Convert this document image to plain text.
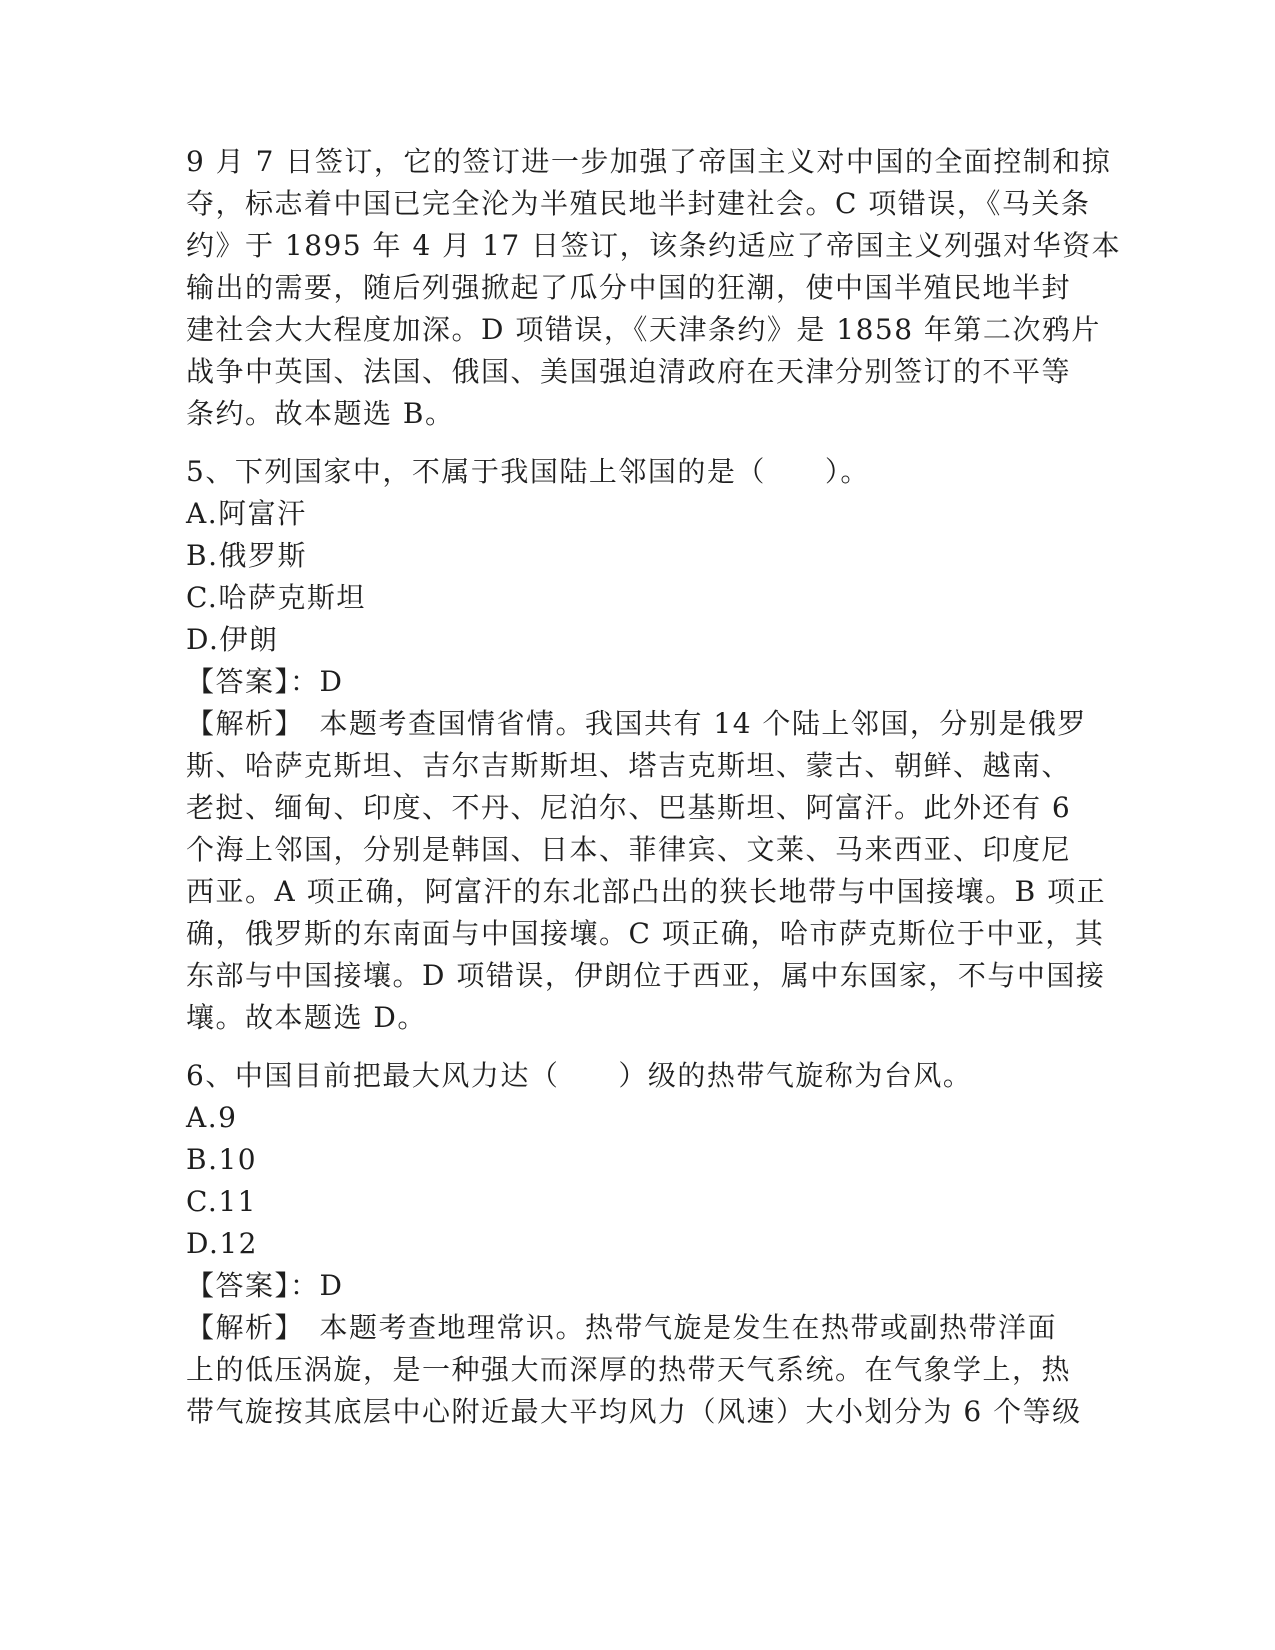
9 月 7 日签订，它的签订进一步加强了帝国主义对中国的全面控制和掠
夺，标志着中国已完全沦为半殖民地半封建社会。C 项错误，《马关条
约》于 1895 年 4 月 17 日签订，该条约适应了帝国主义列强对华资本
输出的需要，随后列强掀起了瓜分中国的狂潮，使中国半殖民地半封
建社会大大程度加深。D 项错误，《天津条约》是 1858 年第二次鸦片
战争中英国、法国、俄国、美国强迫清政府在天津分别签订的不平等
条约。故本题选 B。
5、下列国家中，不属于我国陆上邻国的是（　　）。
A.阿富汗
B.俄罗斯
C.哈萨克斯坦
D.伊朗
【答案】：D
【解析】　本题考查国情省情。我国共有 14 个陆上邻国，分别是俄罗
斯、哈萨克斯坦、吉尔吉斯斯坦、塔吉克斯坦、蒙古、朝鲜、越南、
老挝、缅甸、印度、不丹、尼泊尔、巴基斯坦、阿富汗。此外还有 6
个海上邻国，分别是韩国、日本、菲律宾、文莱、马来西亚、印度尼
西亚。A 项正确，阿富汗的东北部凸出的狭长地带与中国接壤。B 项正
确，俄罗斯的东南面与中国接壤。C 项正确，哈市萨克斯位于中亚，其
东部与中国接壤。D 项错误，伊朗位于西亚，属中东国家，不与中国接
壤。故本题选 D。
6、中国目前把最大风力达（　　）级的热带气旋称为台风。
A.9
B.10
C.11
D.12
【答案】：D
【解析】　本题考查地理常识。热带气旋是发生在热带或副热带洋面
上的低压涡旋，是一种强大而深厚的热带天气系统。在气象学上，热
带气旋按其底层中心附近最大平均风力（风速）大小划分为 6 个等级
